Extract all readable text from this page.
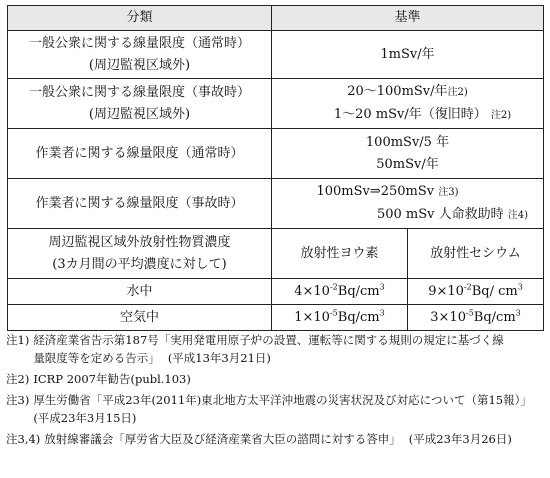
分類	基準	

一般公衆に関する線量限度（通常時）
(周辺監視区域外)	1mSv/年	

一般公衆に関する線量限度（事故時）
(周辺監視区域外)	20～100mSv/年注2)
1～20 mSv/年（復旧時） 注2)	

作業者に関する線量限度（通常時）	100mSv/5 年
50mSv/年	

作業者に関する線量限度（事故時）	100mSv⇒250mSv 注3)
500 mSv 人命救助時 注4)	

周辺監視区域外放射性物質濃度
(3カ月間の平均濃度に対して)	放射性ヨウ素	放射性セシウム
水中	$4\times 10^{-2}Bq/cm^3$	$9\times 10^{-2}Bq/$ $cm^3$
空気中	$1\times 10^{-5}Bq/cm^3$	$3\times 10^{-5}Bq/cm^3$
注1) 経済産業省告示第187号「実用発電用原子炉の設置、運転等に関する規則の規定に基づく線
量限度等を定める告示」 (平成13年3月21日)
注2) ICRP 2007年勧告(publ.103)
注3) 厚生労働省「平成23年(2011年)東北地方太平洋沖地震の災害状況及び対応について（第15報）」
(平成23年3月15日)
注3,4) 放射線審議会「厚労省大臣及び経済産業省大臣の諮問に対する答申」 (平成23年3月26日)
